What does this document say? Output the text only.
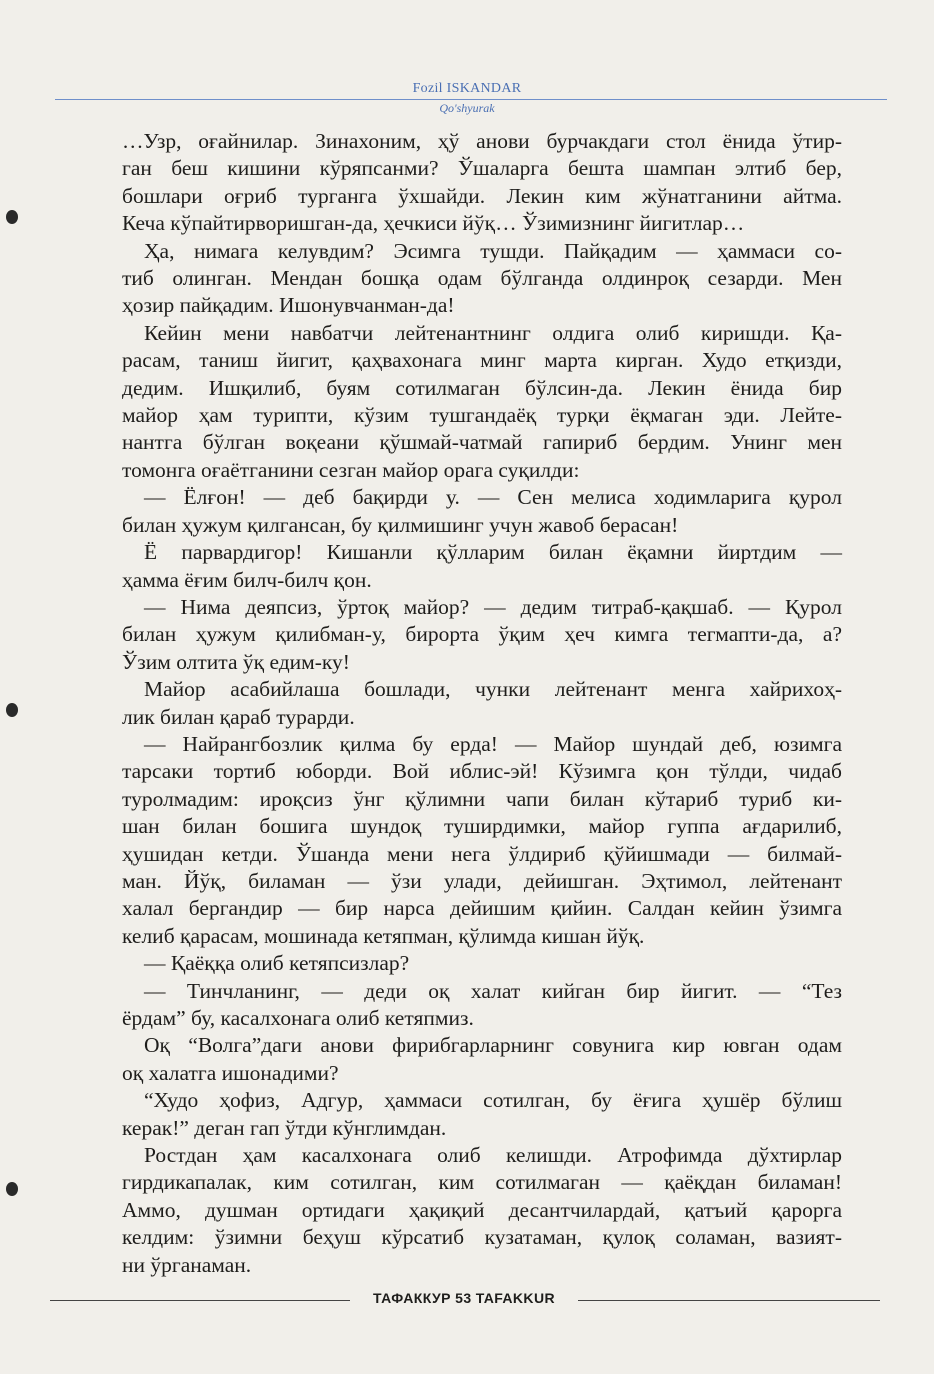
Fozil ISKANDAR
Qo'shyurak
…Узр, оғайнилар. Зинахоним, ҳў анови бурчакдаги стол ёнида ўтир-
ган беш кишини кўряпсанми? Ўшаларга бешта шампан элтиб бер,
бошлари оғриб турганга ўхшайди. Лекин ким жўнатганини айтма.
Кеча кўпайтирворишган-да, ҳечкиси йўқ… Ўзимизнинг йигитлар…
Ҳа, нимага келувдим? Эсимга тушди. Пайқадим — ҳаммаси со-
тиб олинган. Мендан бошқа одам бўлганда олдинроқ сезарди. Мен
ҳозир пайқадим. Ишонувчанман-да!
Кейин мени навбатчи лейтенантнинг олдига олиб киришди. Қа-
расам, таниш йигит, қаҳвахонага минг марта кирган. Худо етқизди,
дедим. Ишқилиб, буям сотилмаган бўлсин-да. Лекин ёнида бир
майор ҳам турипти, кўзим тушгандаёқ турқи ёқмаган эди. Лейте-
нантга бўлган воқеани қўшмай-чатмай гапириб бердим. Унинг мен
томонга оғаётганини сезган майор орага суқилди:
— Ёлғон! — деб бақирди у. — Сен мелиса ходимларига қурол
билан ҳужум қилгансан, бу қилмишинг учун жавоб берасан!
Ё парвардигор! Кишанли қўлларим билан ёқамни йиртдим —
ҳамма ёғим билч-билч қон.
— Нима деяпсиз, ўртоқ майор? — дедим титраб-қақшаб. — Қурол
билан ҳужум қилибман-у, бирорта ўқим ҳеч кимга тегмапти-да, а?
Ўзим олтита ўқ едим-ку!
Майор асабийлаша бошлади, чунки лейтенант менга хайрихоҳ-
лик билан қараб турарди.
— Найрангбозлик қилма бу ерда! — Майор шундай деб, юзимга
тарсаки тортиб юборди. Вой иблис-эй! Кўзимга қон тўлди, чидаб
туролмадим: ироқсиз ўнг қўлимни чапи билан кўтариб туриб ки-
шан билан бошига шундоқ туширдимки, майор гуппа ағдарилиб,
ҳушидан кетди. Ўшанда мени нега ўлдириб қўйишмади — билмай-
ман. Йўқ, биламан — ўзи улади, дейишган. Эҳтимол, лейтенант
халал бергандир — бир нарса дейишим қийин. Салдан кейин ўзимга
келиб қарасам, мошинада кетяпман, қўлимда кишан йўқ.
— Қаёққа олиб кетяпсизлар?
— Тинчланинг, — деди оқ халат кийган бир йигит. — “Тез
ёрдам” бу, касалхонага олиб кетяпмиз.
Оқ “Волга”даги анови фирибгарларнинг совунига кир ювган одам
оқ халатга ишонадими?
“Худо ҳофиз, Адгур, ҳаммаси сотилган, бу ёғига ҳушёр бўлиш
керак!” деган гап ўтди кўнглимдан.
Ростдан ҳам касалхонага олиб келишди. Атрофимда дўхтирлар
гирдикапалак, ким сотилган, ким сотилмаган — қаёқдан биламан!
Аммо, душман ортидаги ҳақиқий десантчилардай, қатъий қарорга
келдим: ўзимни беҳуш кўрсатиб кузатаман, қулоқ соламан, вазият-
ни ўрганаман.
ТАФАККУР 53 TAFAKKUR
